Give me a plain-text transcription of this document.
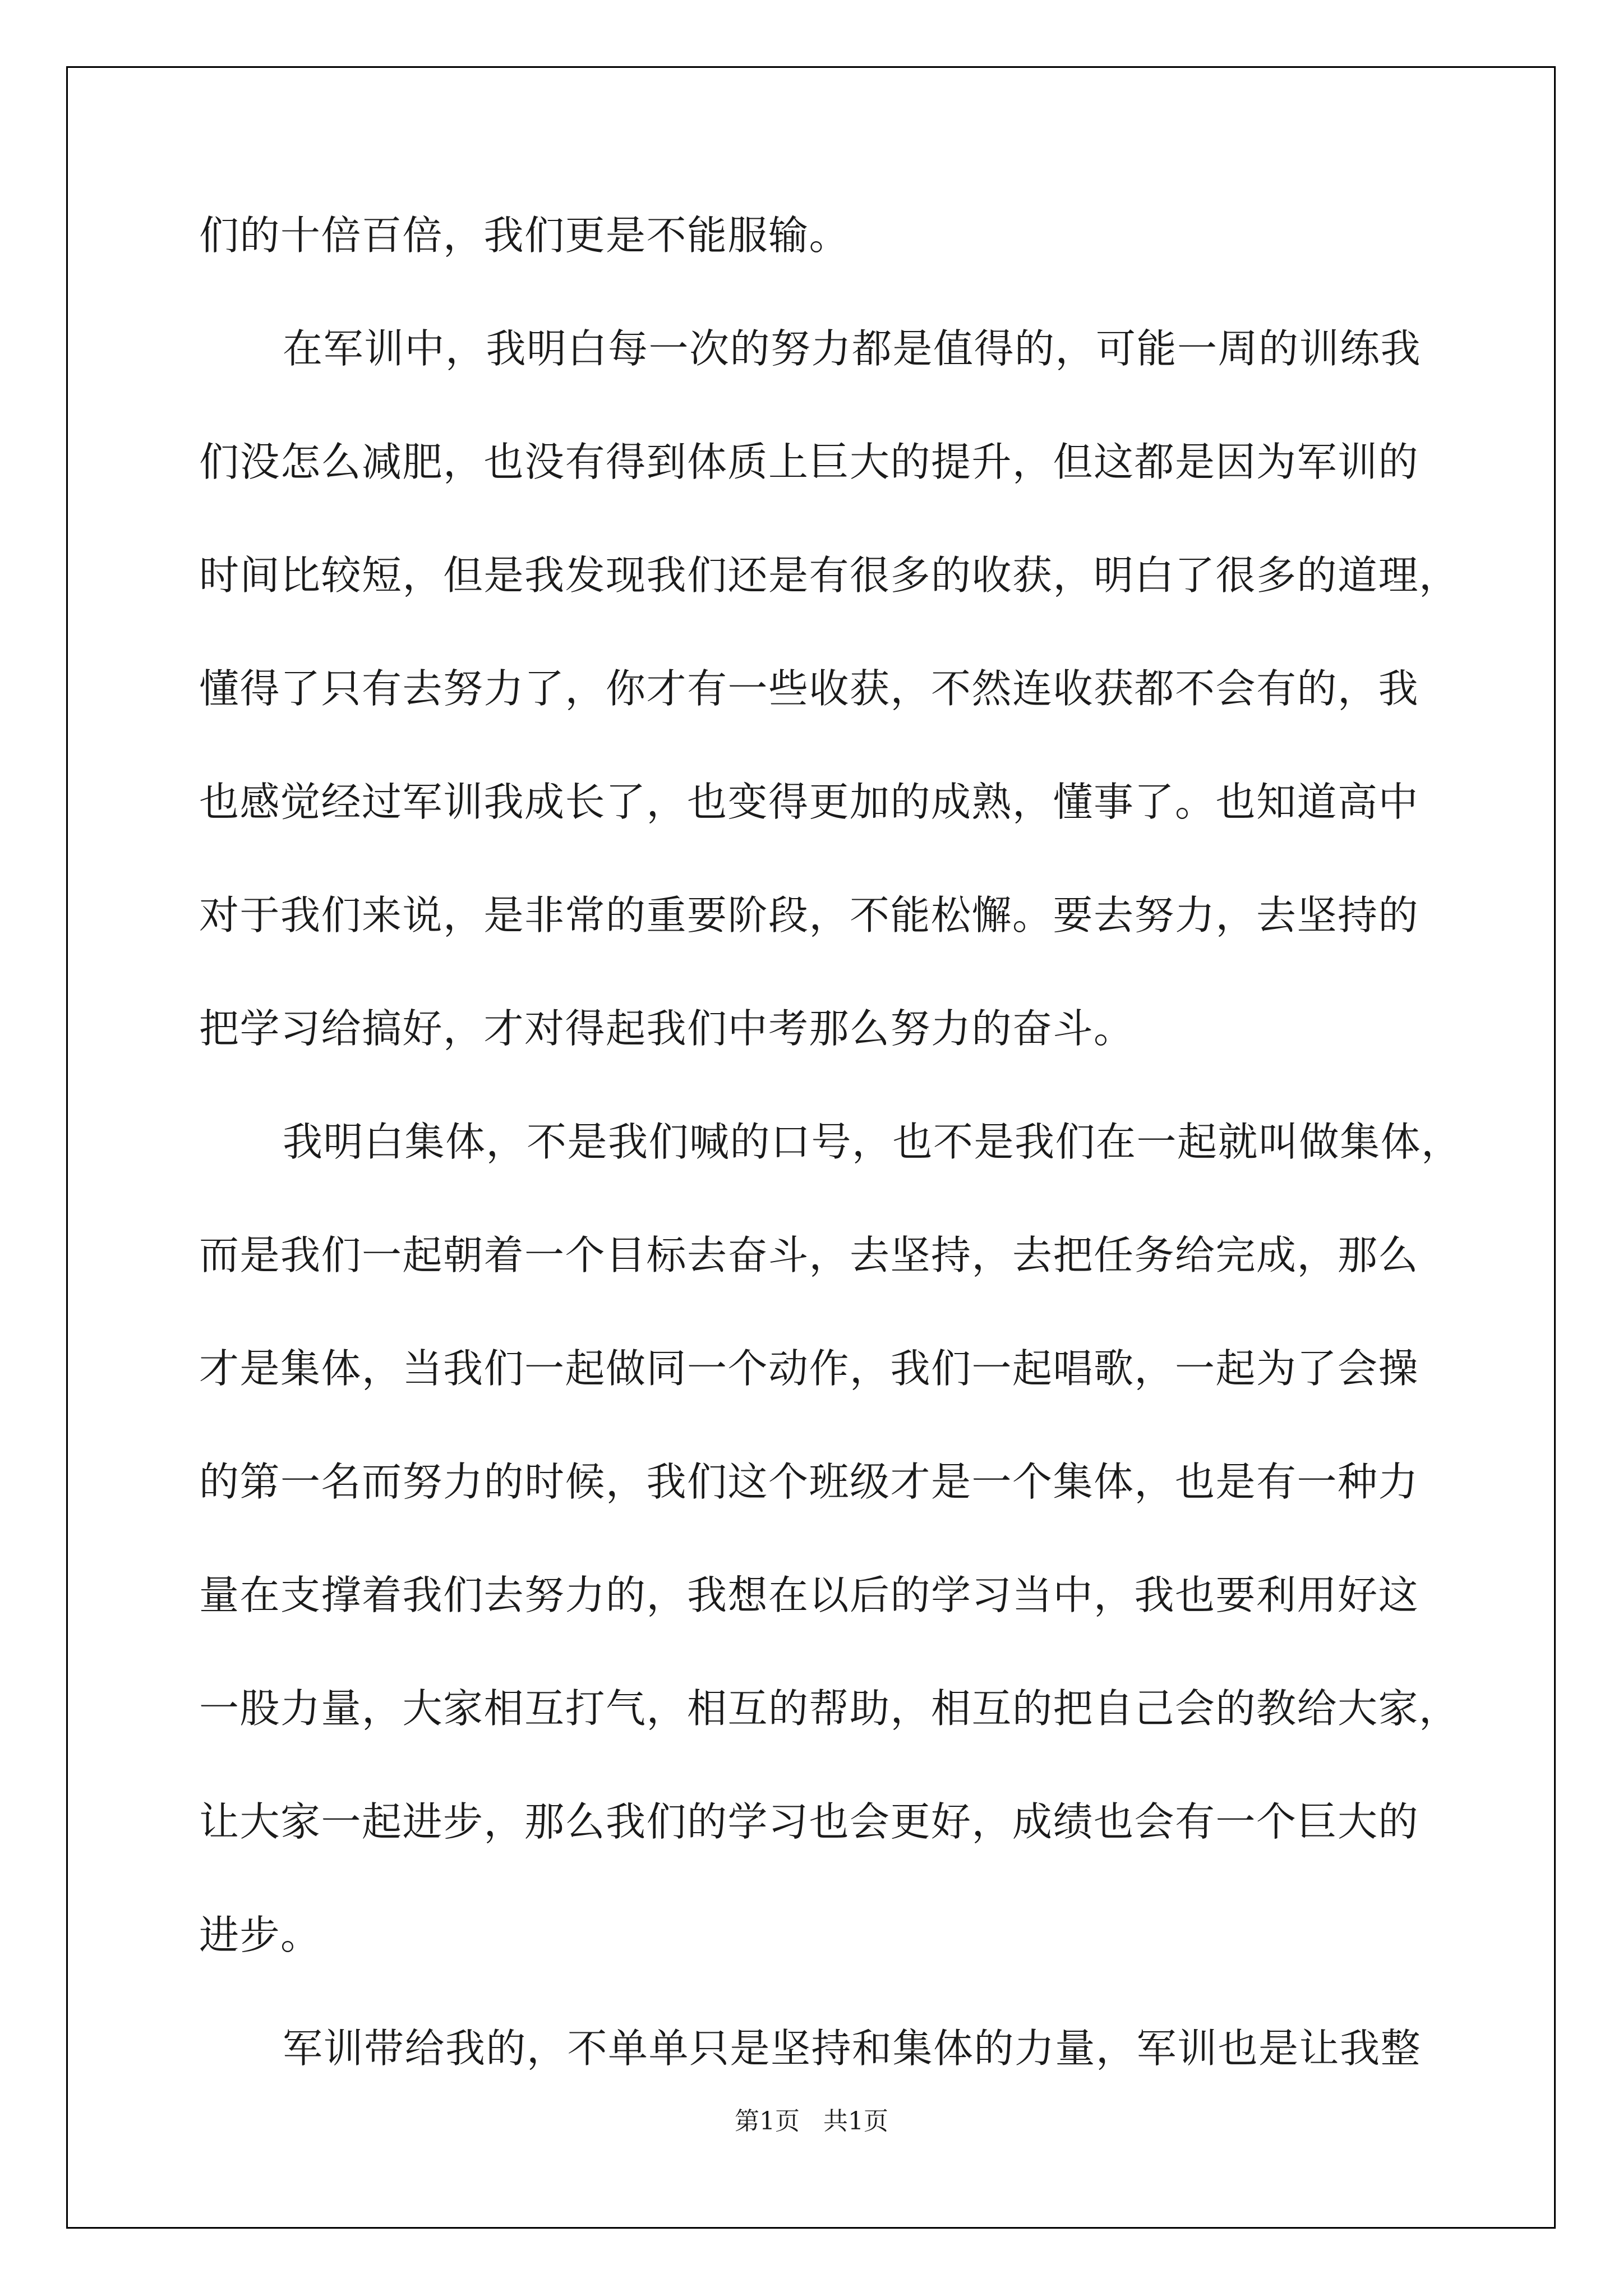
们的十倍百倍，我们更是不能服输。
在军训中，我明白每一次的努力都是值得的，可能一周的训练我
们没怎么减肥，也没有得到体质上巨大的提升，但这都是因为军训的
时间比较短，但是我发现我们还是有很多的收获，明白了很多的道理，
懂得了只有去努力了，你才有一些收获，不然连收获都不会有的，我
也感觉经过军训我成长了，也变得更加的成熟，懂事了。也知道高中
对于我们来说，是非常的重要阶段，不能松懈。要去努力，去坚持的
把学习给搞好，才对得起我们中考那么努力的奋斗。
我明白集体，不是我们喊的口号，也不是我们在一起就叫做集体，
而是我们一起朝着一个目标去奋斗，去坚持，去把任务给完成，那么
才是集体，当我们一起做同一个动作，我们一起唱歌，一起为了会操
的第一名而努力的时候，我们这个班级才是一个集体，也是有一种力
量在支撑着我们去努力的，我想在以后的学习当中，我也要利用好这
一股力量，大家相互打气，相互的帮助，相互的把自己会的教给大家，
让大家一起进步，那么我们的学习也会更好，成绩也会有一个巨大的
进步。
军训带给我的，不单单只是坚持和集体的力量，军训也是让我整
第1页   共1页
